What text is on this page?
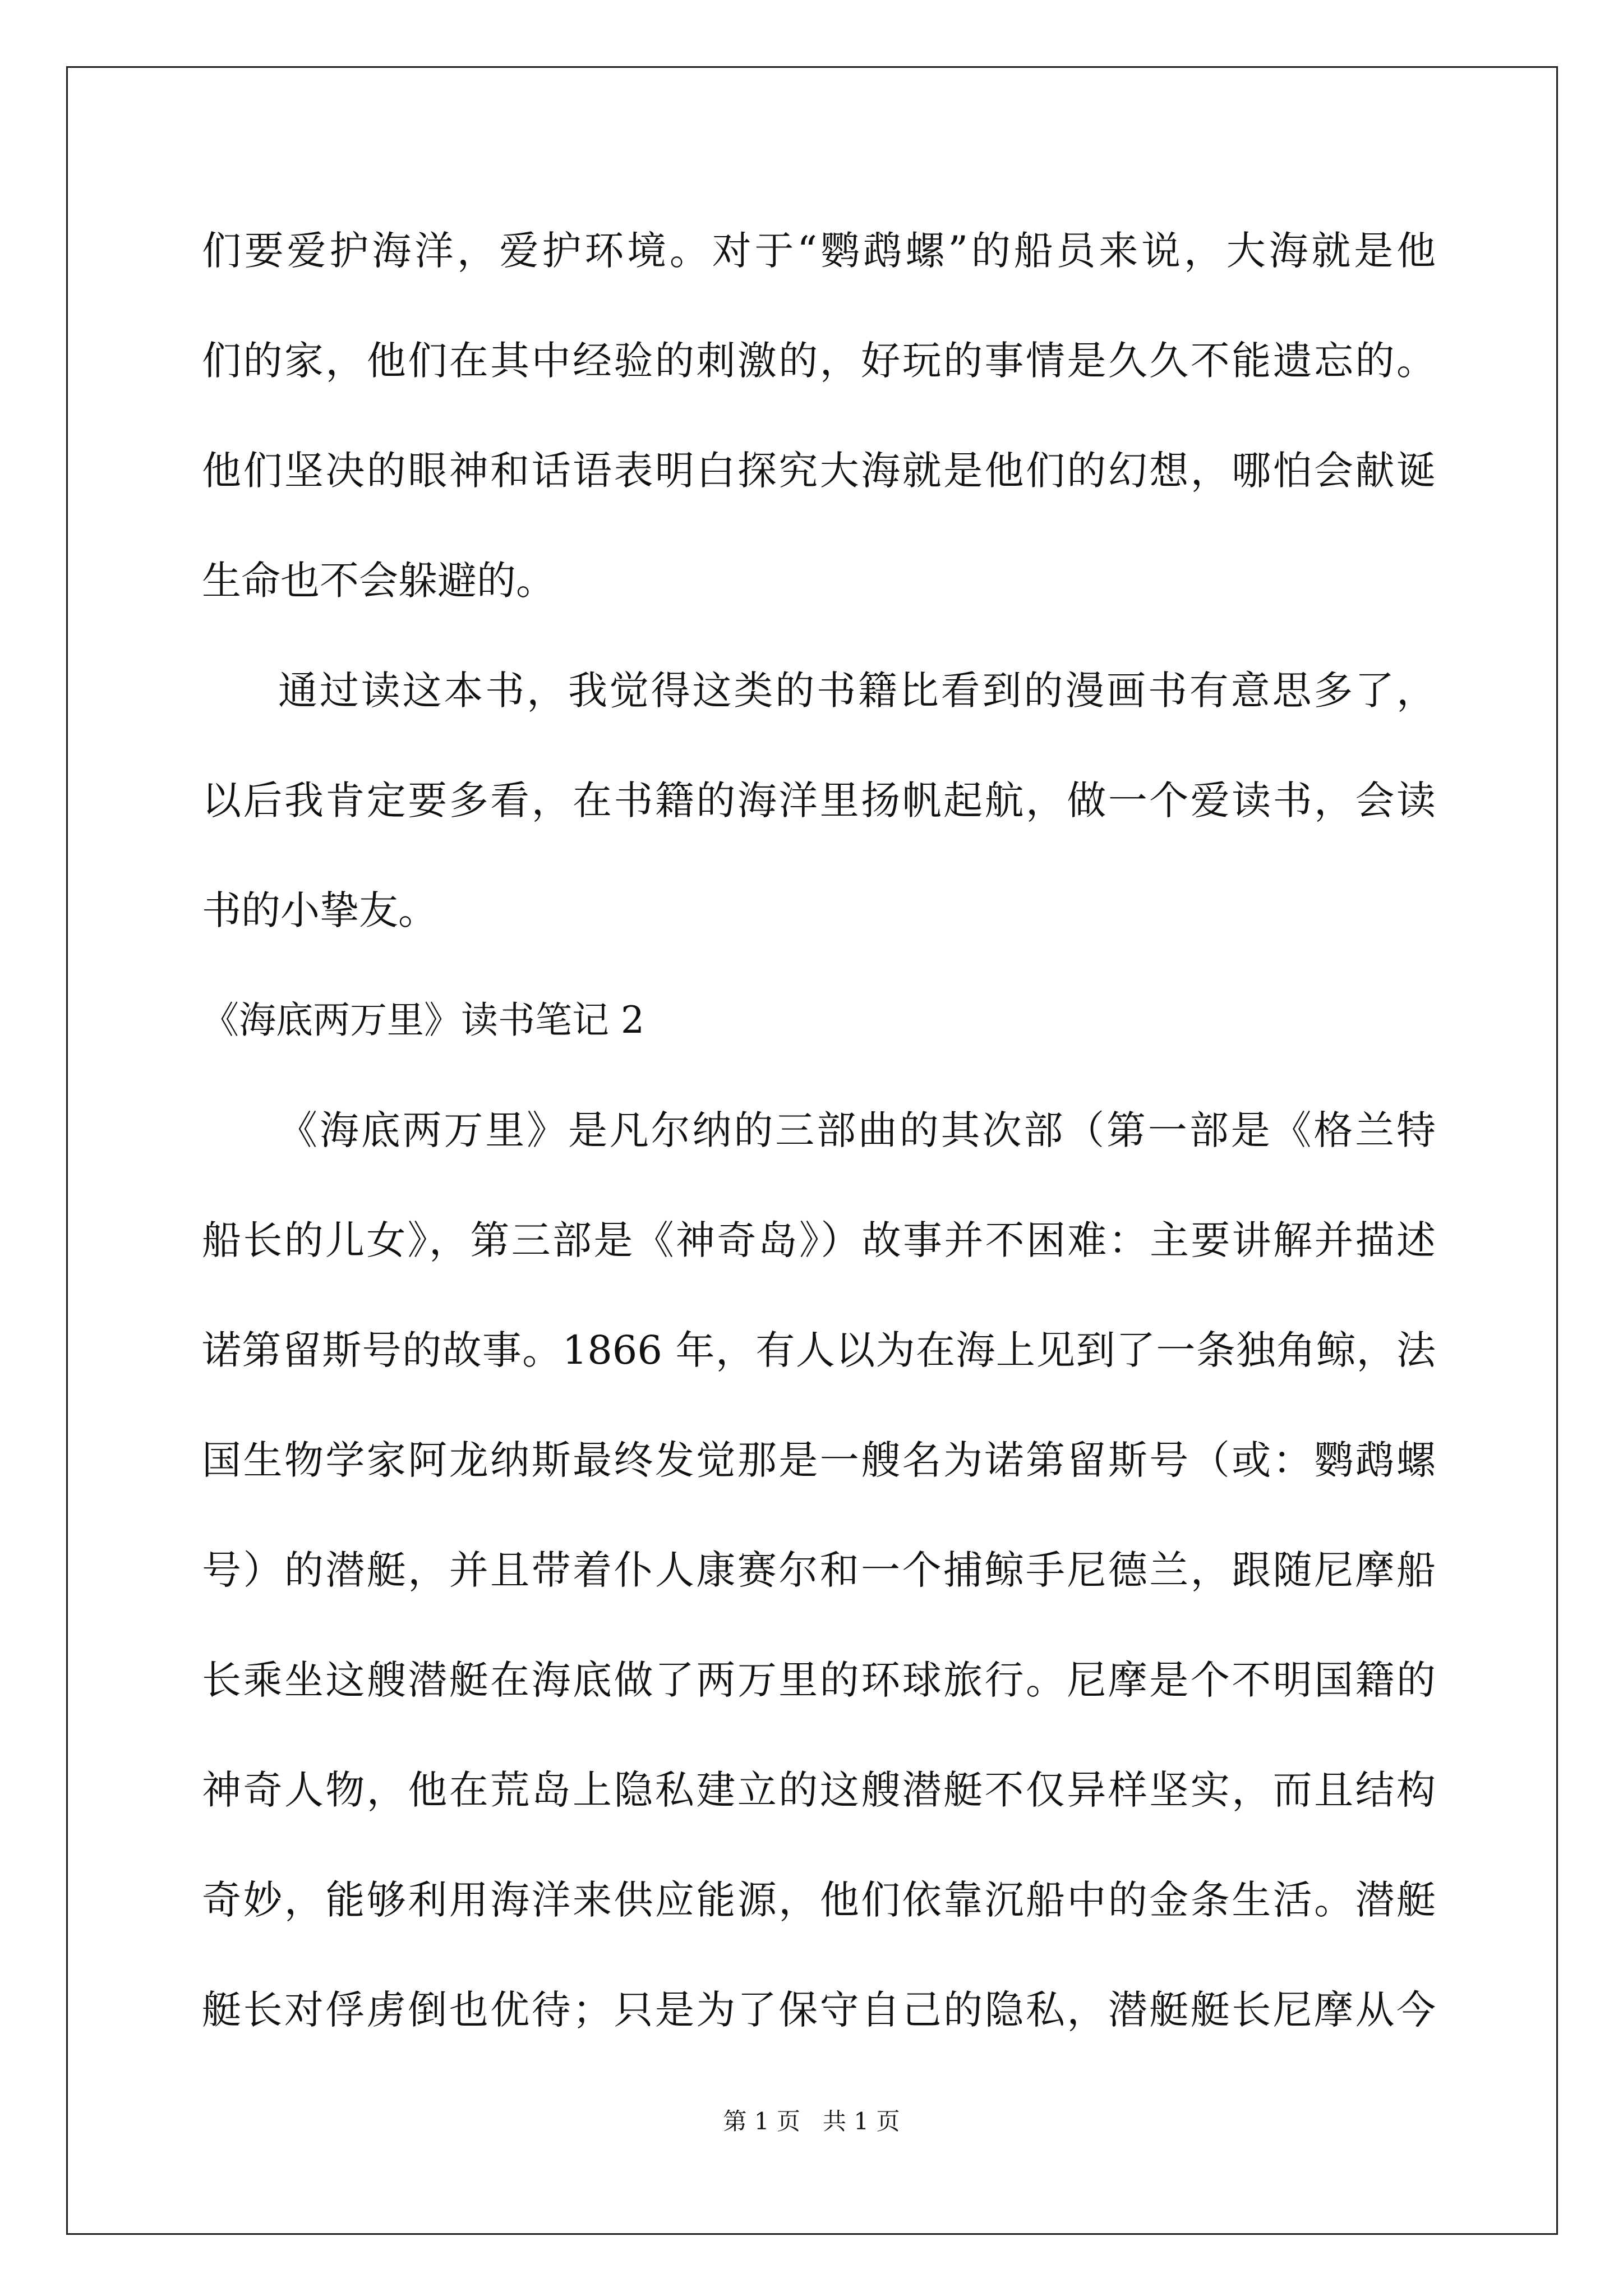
们要爱护海洋，爱护环境。对于“鹦鹉螺”的船员来说，大海就是他
们的家，他们在其中经验的刺激的，好玩的事情是久久不能遗忘的。
他们坚决的眼神和话语表明白探究大海就是他们的幻想，哪怕会献诞
生命也不会躲避的。
通过读这本书，我觉得这类的书籍比看到的漫画书有意思多了，
以后我肯定要多看，在书籍的海洋里扬帆起航，做一个爱读书，会读
书的小挚友。
《海底两万里》是凡尔纳的三部曲的其次部（第一部是《格兰特
船长的儿女》，第三部是《神奇岛》）故事并不困难：主要讲解并描述
诺第留斯号的故事。1866 年，有人以为在海上见到了一条独角鲸，法
国生物学家阿龙纳斯最终发觉那是一艘名为诺第留斯号（或：鹦鹉螺
号）的潜艇，并且带着仆人康赛尔和一个捕鲸手尼德兰，跟随尼摩船
长乘坐这艘潜艇在海底做了两万里的环球旅行。尼摩是个不明国籍的
神奇人物，他在荒岛上隐私建立的这艘潜艇不仅异样坚实，而且结构
奇妙，能够利用海洋来供应能源，他们依靠沉船中的金条生活。潜艇
艇长对俘虏倒也优待；只是为了保守自己的隐私，潜艇艇长尼摩从今
《海底两万里》读书笔记 2
第 1 页   共 1 页
